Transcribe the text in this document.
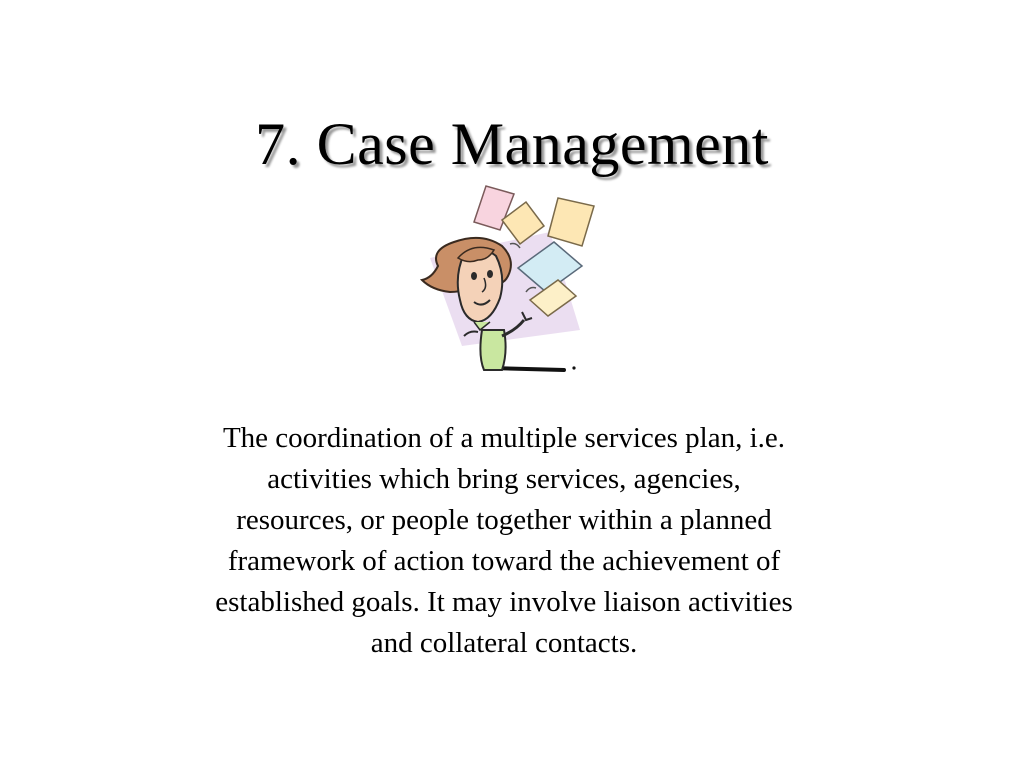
7. Case Management
The coordination of a multiple services plan, i.e.
activities which bring services, agencies,
resources, or people together within a planned
framework of action toward the achievement of
established goals. It may involve liaison activities
and collateral contacts.
